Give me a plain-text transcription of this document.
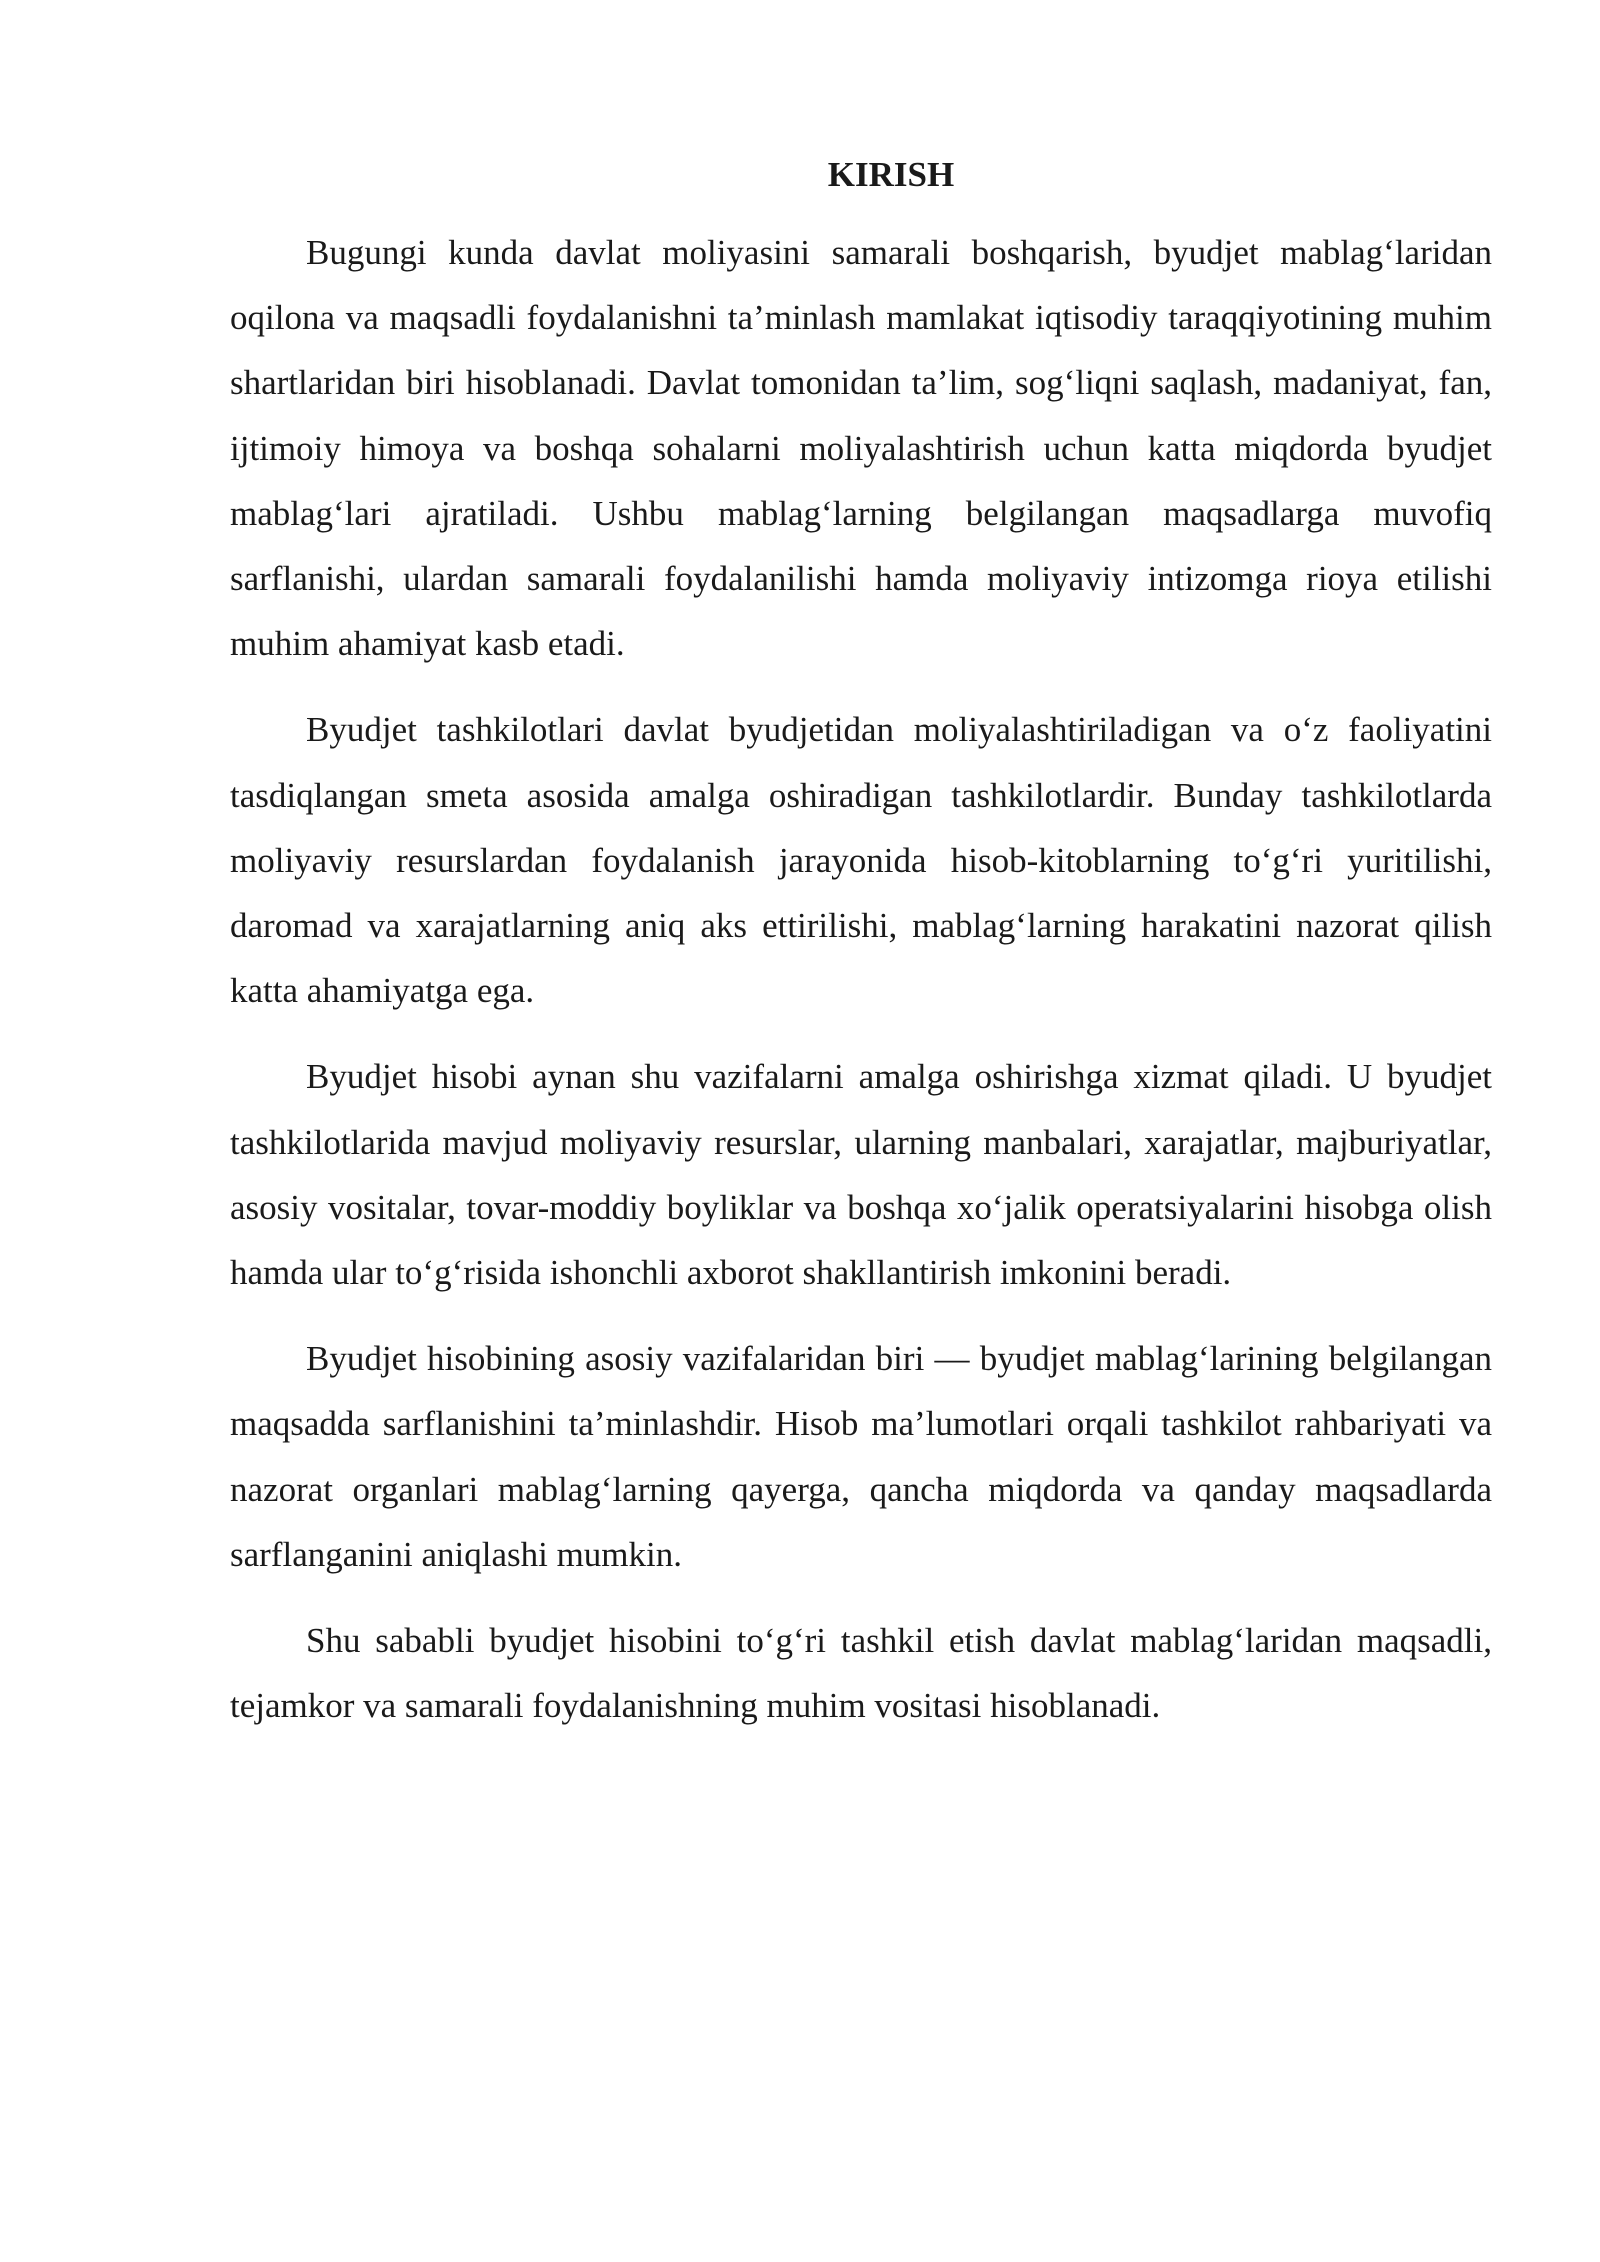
KIRISH

Bugungi kunda davlat moliyasini samarali boshqarish, byudjet mablag‘laridan oqilona va maqsadli foydalanishni ta’minlash mamlakat iqtisodiy taraqqiyotining muhim shartlaridan biri hisoblanadi. Davlat tomonidan ta’lim, sog‘liqni saqlash, madaniyat, fan, ijtimoiy himoya va boshqa sohalarni moliyalashtirish uchun katta miqdorda byudjet mablag‘lari ajratiladi. Ushbu mablag‘larning belgilangan maqsadlarga muvofiq sarflanishi, ulardan samarali foydalanilishi hamda moliyaviy intizomga rioya etilishi muhim ahamiyat kasb etadi.

Byudjet tashkilotlari davlat byudjetidan moliyalashtiriladigan va o‘z faoliyatini tasdiqlangan smeta asosida amalga oshiradigan tashkilotlardir. Bunday tashkilotlarda moliyaviy resurslardan foydalanish jarayonida hisob-kitoblarning to‘g‘ri yuritilishi, daromad va xarajatlarning aniq aks ettirilishi, mablag‘larning harakatini nazorat qilish katta ahamiyatga ega.

Byudjet hisobi aynan shu vazifalarni amalga oshirishga xizmat qiladi. U byudjet tashkilotlarida mavjud moliyaviy resurslar, ularning manbalari, xarajatlar, majburiyatlar, asosiy vositalar, tovar-moddiy boyliklar va boshqa xo‘jalik operatsiyalarini hisobga olish hamda ular to‘g‘risida ishonchli axborot shakllantirish imkonini beradi.

Byudjet hisobining asosiy vazifalaridan biri — byudjet mablag‘larining belgilangan maqsadda sarflanishini ta’minlashdir. Hisob ma’lumotlari orqali tashkilot rahbariyati va nazorat organlari mablag‘larning qayerga, qancha miqdorda va qanday maqsadlarda sarflanganini aniqlashi mumkin.

Shu sababli byudjet hisobini to‘g‘ri tashkil etish davlat mablag‘laridan maqsadli, tejamkor va samarali foydalanishning muhim vositasi hisoblanadi.
